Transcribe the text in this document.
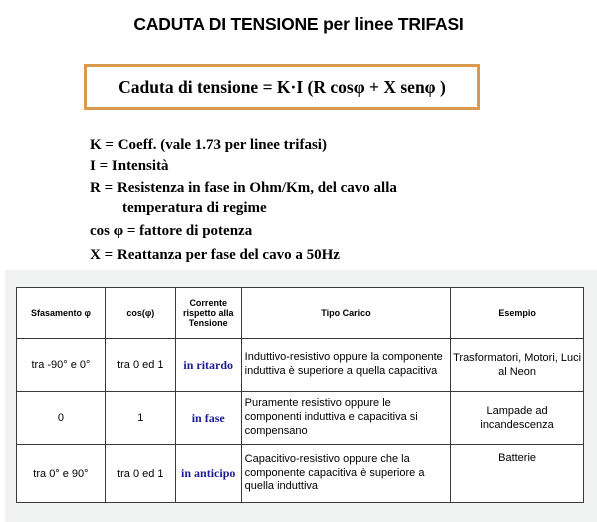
CADUTA DI TENSIONE per linee TRIFASI
Caduta di tensione = K·I (R cosφ + X senφ )
K = Coeff. (vale 1.73 per linee trifasi)
I = Intensità
R = Resistenza in fase in Ohm/Km, del cavo alla
temperatura di regime
cos φ = fattore di potenza
X = Reattanza per fase del cavo a 50Hz
Sfasamento φ	cos(φ)	Corrente rispetto alla Tensione	Tipo Carico	Esempio
tra -90° e 0°	tra 0 ed 1	in ritardo	Induttivo-resistivo oppure la componente induttiva è superiore a quella capacitiva	Trasformatori, Motori, Luci al Neon
0	1	in fase	Puramente resistivo oppure le componenti induttiva e capacitiva si compensano	Lampade ad incandescenza
tra 0° e 90°	tra 0 ed 1	in anticipo	Capacitivo-resistivo oppure che la componente capacitiva è superiore a quella induttiva	Batterie
